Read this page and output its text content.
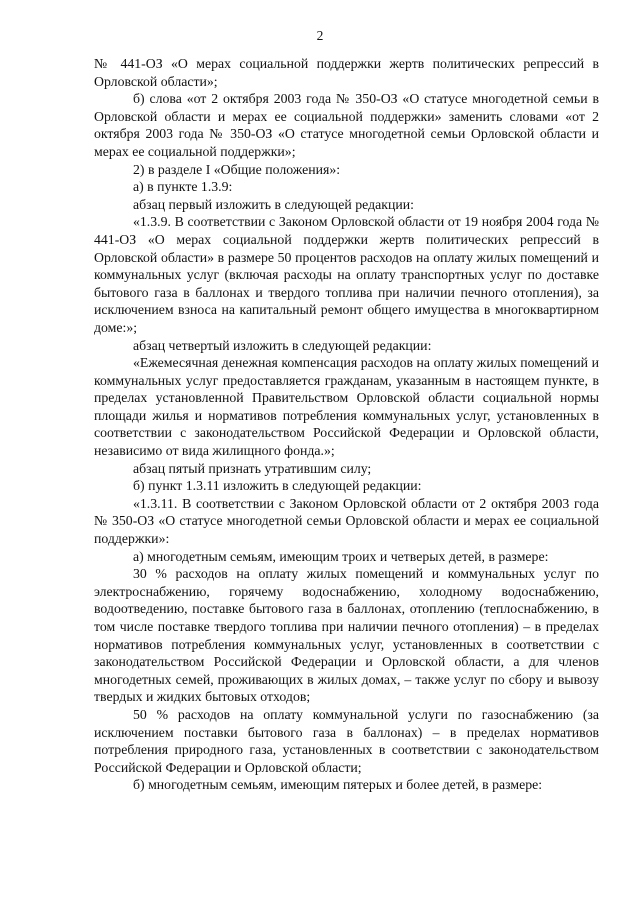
2

№ 441-ОЗ «О мерах социальной поддержки жертв политических репрессий в Орловской области»;

б) слова «от 2 октября 2003 года № 350-ОЗ «О статусе многодетной семьи в Орловской области и мерах ее социальной поддержки» заменить словами «от 2 октября 2003 года № 350-ОЗ «О статусе многодетной семьи Орловской области и мерах ее социальной поддержки»;

2) в разделе I «Общие положения»:

а) в пункте 1.3.9:

абзац первый изложить в следующей редакции:

«1.3.9. В соответствии с Законом Орловской области от 19 ноября 2004 года № 441-ОЗ «О мерах социальной поддержки жертв политических репрессий в Орловской области» в размере 50 процентов расходов на оплату жилых помещений и коммунальных услуг (включая расходы на оплату транспортных услуг по доставке бытового газа в баллонах и твердого топлива при наличии печного отопления), за исключением взноса на капитальный ремонт общего имущества в многоквартирном доме:»;

абзац четвертый изложить в следующей редакции:

«Ежемесячная денежная компенсация расходов на оплату жилых помещений и коммунальных услуг предоставляется гражданам, указанным в настоящем пункте, в пределах установленной Правительством Орловской области социальной нормы площади жилья и нормативов потребления коммунальных услуг, установленных в соответствии с законодательством Российской Федерации и Орловской области, независимо от вида жилищного фонда.»;

абзац пятый признать утратившим силу;

б) пункт 1.3.11 изложить в следующей редакции:

«1.3.11. В соответствии с Законом Орловской области от 2 октября 2003 года № 350-ОЗ «О статусе многодетной семьи Орловской области и мерах ее социальной поддержки»:

а) многодетным семьям, имеющим троих и четверых детей, в размере:

30 % расходов на оплату жилых помещений и коммунальных услуг по электроснабжению, горячему водоснабжению, холодному водоснабжению, водоотведению, поставке бытового газа в баллонах, отоплению (теплоснабжению, в том числе поставке твердого топлива при наличии печного отопления) – в пределах нормативов потребления коммунальных услуг, установленных в соответствии с законодательством Российской Федерации и Орловской области, а для членов многодетных семей, проживающих в жилых домах, – также услуг по сбору и вывозу твердых и жидких бытовых отходов;

50 % расходов на оплату коммунальной услуги по газоснабжению (за исключением поставки бытового газа в баллонах) – в пределах нормативов потребления природного газа, установленных в соответствии с законодательством Российской Федерации и Орловской области;

б) многодетным семьям, имеющим пятерых и более детей, в размере:
